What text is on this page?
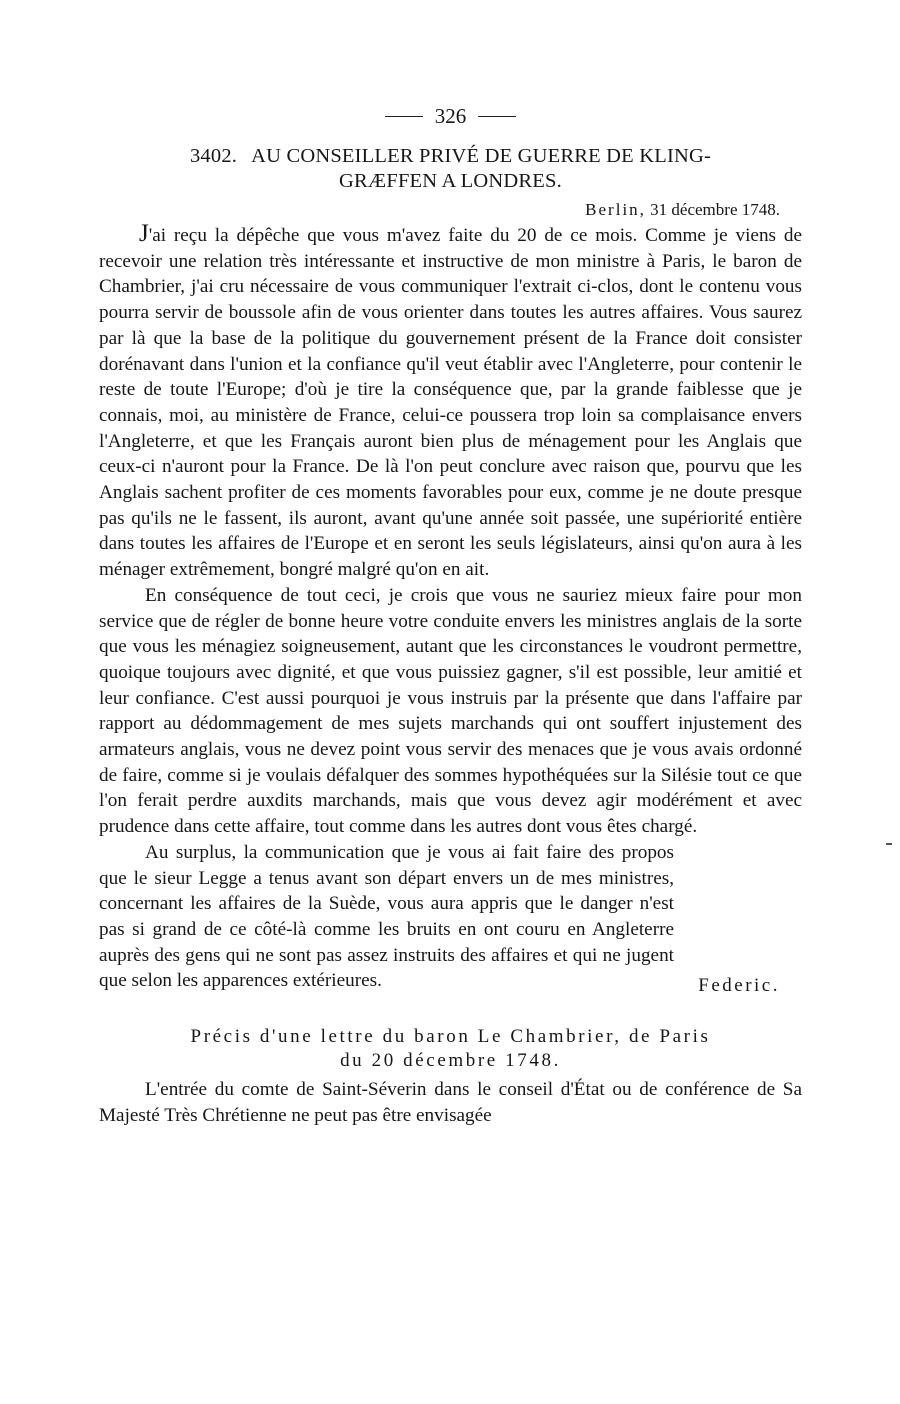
326
3402. AU CONSEILLER PRIVÉ DE GUERRE DE KLING-
GRÆFFEN A LONDRES.
Berlin, 31 décembre 1748.

J'ai reçu la dépêche que vous m'avez faite du 20 de ce mois. Comme je viens de recevoir une relation très intéressante et instructive de mon ministre à Paris, le baron de Chambrier, j'ai cru nécessaire de vous communiquer l'extrait ci-clos, dont le contenu vous pourra servir de boussole afin de vous orienter dans toutes les autres affaires. Vous saurez par là que la base de la politique du gouvernement présent de la France doit consister dorénavant dans l'union et la confiance qu'il veut établir avec l'Angleterre, pour contenir le reste de toute l'Europe; d'où je tire la conséquence que, par la grande faiblesse que je connais, moi, au ministère de France, celui-ce poussera trop loin sa complaisance envers l'Angleterre, et que les Français auront bien plus de ménagement pour les Anglais que ceux-ci n'auront pour la France. De là l'on peut conclure avec raison que, pourvu que les Anglais sachent profiter de ces moments favorables pour eux, comme je ne doute presque pas qu'ils ne le fassent, ils auront, avant qu'une année soit passée, une supériorité entière dans toutes les affaires de l'Europe et en seront les seuls législateurs, ainsi qu'on aura à les ménager extrêmement, bongré malgré qu'on en ait.

En conséquence de tout ceci, je crois que vous ne sauriez mieux faire pour mon service que de régler de bonne heure votre conduite envers les ministres anglais de la sorte que vous les ménagiez soigneusement, autant que les circonstances le voudront permettre, quoique toujours avec dignité, et que vous puissiez gagner, s'il est possible, leur amitié et leur confiance. C'est aussi pourquoi je vous instruis par la présente que dans l'affaire par rapport au dédommagement de mes sujets marchands qui ont souffert injustement des armateurs anglais, vous ne devez point vous servir des menaces que je vous avais ordonné de faire, comme si je voulais défalquer des sommes hypothéquées sur la Silésie tout ce que l'on ferait perdre auxdits marchands, mais que vous devez agir modérément et avec prudence dans cette affaire, tout comme dans les autres dont vous êtes chargé.

Au surplus, la communication que je vous ai fait faire des propos que le sieur Legge a tenus avant son départ envers un de mes ministres, concernant les affaires de la Suède, vous aura appris que le danger n'est pas si grand de ce côté-là comme les bruits en ont couru en Angleterre auprès des gens qui ne sont pas assez instruits des affaires et qui ne jugent que selon les apparences extérieures.	Federic.
Précis d'une lettre du baron Le Chambrier, de Paris
du 20 décembre 1748.

L'entrée du comte de Saint-Séverin dans le conseil d'État ou de conférence de Sa Majesté Très Chrétienne ne peut pas être envisagée
